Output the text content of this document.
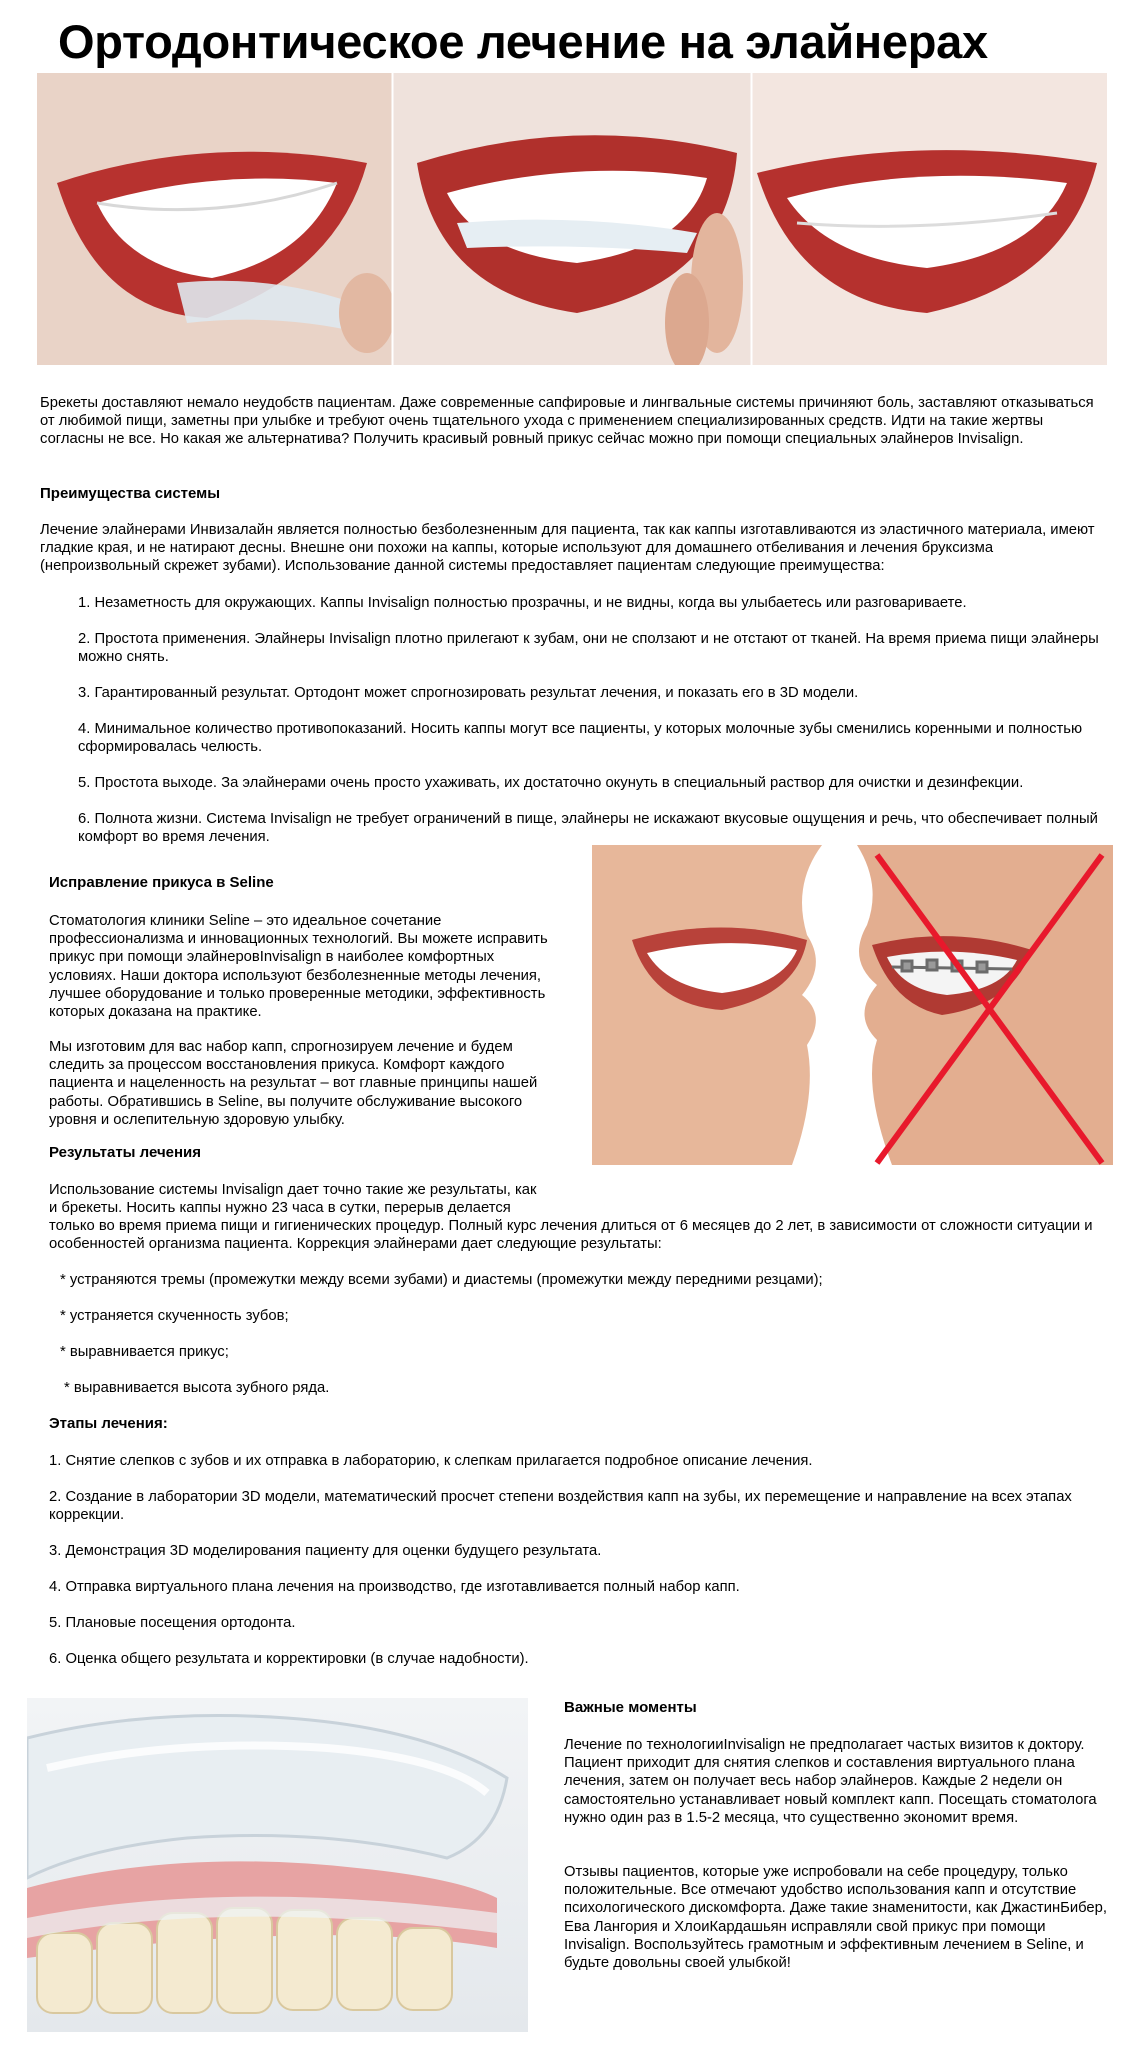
Ортодонтическое лечение на элайнерах
Брекеты доставляют немало неудобств пациентам. Даже современные сапфировые и лингвальные системы причиняют боль, заставляют отказываться от любимой пищи, заметны при улыбке и требуют очень тщательного ухода с применением специализированных средств. Идти на такие жертвы согласны не все. Но какая же альтернатива? Получить красивый ровный прикус сейчас можно при помощи специальных элайнеров Invisalign.
Преимущества системы
Лечение элайнерами Инвизалайн является полностью безболезненным для пациента, так как каппы изготавливаются из эластичного материала, имеют гладкие края, и не натирают десны. Внешне они похожи на каппы, которые используют для домашнего отбеливания и лечения бруксизма (непроизвольный скрежет зубами). Использование данной системы предоставляет пациентам следующие преимущества:
1. Незаметность для окружающих. Каппы Invisalign полностью прозрачны, и не видны, когда вы улыбаетесь или разговариваете.
2. Простота применения. Элайнеры Invisalign плотно прилегают к зубам, они не сползают и не отстают от тканей. На время приема пищи элайнеры можно снять.
3. Гарантированный результат. Ортодонт может спрогнозировать результат лечения, и показать его в 3D модели.
4. Минимальное количество противопоказаний. Носить каппы могут все пациенты, у которых молочные зубы сменились коренными и полностью сформировалась челюсть.
5. Простота выходе. За элайнерами очень просто ухаживать, их достаточно окунуть в специальный раствор для очистки и дезинфекции.
6. Полнота жизни. Система Invisalign не требует ограничений в пище, элайнеры не искажают вкусовые ощущения и речь, что обеспечивает полный комфорт во время лечения.
Исправление прикуса в Seline
Стоматология клиники Seline – это идеальное сочетание профессионализма и инновационных технологий. Вы можете исправить прикус при помощи элайнеровInvisalign в наиболее комфортных условиях. Наши доктора используют безболезненные методы лечения, лучшее оборудование и только проверенные методики, эффективность которых доказана на практике.
Мы изготовим для вас набор капп, спрогнозируем лечение и будем следить за процессом восстановления прикуса. Комфорт каждого пациента и нацеленность на результат – вот главные принципы нашей работы. Обратившись в Seline, вы получите обслуживание высокого уровня и ослепительную здоровую улыбку.
Результаты лечения
Использование системы Invisalign дает точно такие же результаты, как
и брекеты. Носить каппы нужно 23 часа в сутки, перерыв делается
только во время приема пищи и гигиенических процедур. Полный курс лечения длиться от 6 месяцев до 2 лет, в зависимости от сложности ситуации и особенностей организма пациента. Коррекция элайнерами дает следующие результаты:
* устраняются тремы (промежутки между всеми зубами) и диастемы (промежутки между передними резцами);
* устраняется скученность зубов;
* выравнивается прикус;
* выравнивается высота зубного ряда.
Этапы лечения:
1. Снятие слепков с зубов и их отправка в лабораторию, к слепкам прилагается подробное описание лечения.
2. Создание в лаборатории 3D модели, математический просчет степени воздействия капп на зубы, их перемещение и направление на всех этапах коррекции.
3. Демонстрация 3D моделирования пациенту для оценки будущего результата.
4. Отправка виртуального плана лечения на производство, где изготавливается полный набор капп.
5. Плановые посещения ортодонта.
6. Оценка общего результата и корректировки (в случае надобности).
Важные моменты
Лечение по технологииInvisalign не предполагает частых визитов к доктору. Пациент приходит для снятия слепков и составления виртуального плана лечения, затем он получает весь набор элайнеров. Каждые 2 недели он самостоятельно устанавливает новый комплект капп. Посещать стоматолога нужно один раз в 1.5-2 месяца, что существенно экономит время.
Отзывы пациентов, которые уже испробовали на себе процедуру, только положительные. Все отмечают удобство использования капп и отсутствие психологического дискомфорта. Даже такие знаменитости, как ДжастинБибер, Ева Лангория и ХлоиКардашьян исправляли свой прикус при помощи Invisalign. Воспользуйтесь грамотным и эффективным лечением в Seline, и будьте довольны своей улыбкой!
